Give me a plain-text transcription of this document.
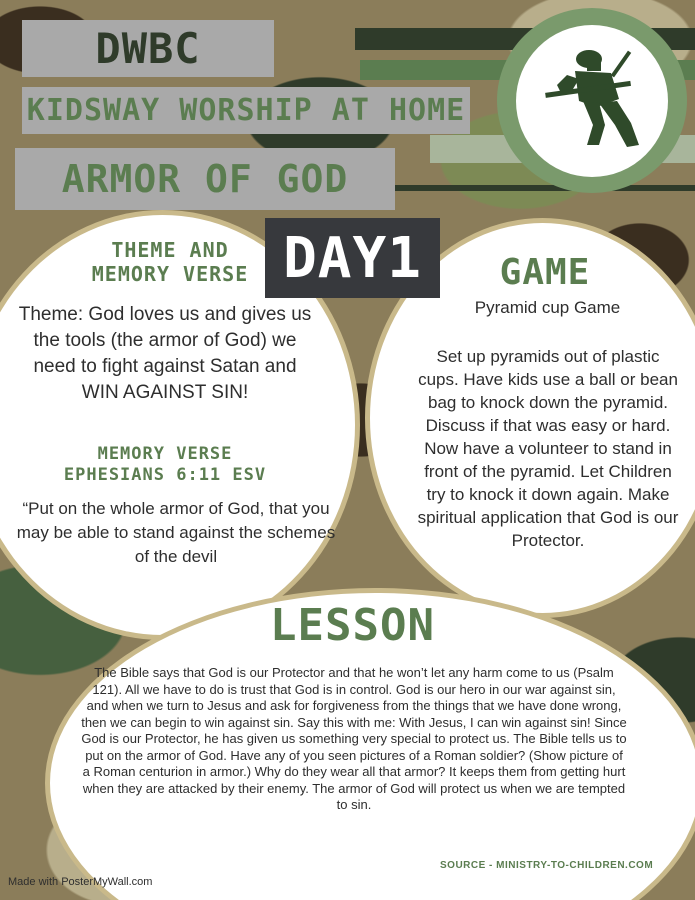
DWBC
KIDSWAY WORSHIP AT HOME
ARMOR OF GOD
DAY1
THEME AND
MEMORY VERSE
Theme: God loves us and gives us the tools (the armor of God) we need to fight against Satan and WIN AGAINST SIN!
MEMORY VERSE
EPHESIANS 6:11 ESV
“Put on the whole armor of God, that you may be able to stand against the schemes of the devil
GAME
Pyramid cup Game
Set up pyramids out of plastic cups. Have kids use a ball or bean bag to knock down the pyramid. Discuss if that was easy or hard. Now have a volunteer to stand in front of the pyramid. Let Children try to knock it down again. Make spiritual application that God is our Protector.
LESSON
The Bible says that God is our Protector and that he won’t let any harm come to us (Psalm 121). All we have to do is trust that God is in control. God is our hero in our war against sin, and when we turn to Jesus and ask for forgiveness from the things that we have done wrong, then we can begin to win against sin. Say this with me: With Jesus, I can win against sin! Since God is our Protector, he has given us something very special to protect us. The Bible tells us to put on the armor of God. Have any of you seen pictures of a Roman soldier? (Show picture of a Roman centurion in armor.) Why do they wear all that armor? It keeps them from getting hurt when they are attacked by their enemy. The armor of God will protect us when we are tempted to sin.
SOURCE - MINISTRY-TO-CHILDREN.COM
Made with PosterMyWall.com
